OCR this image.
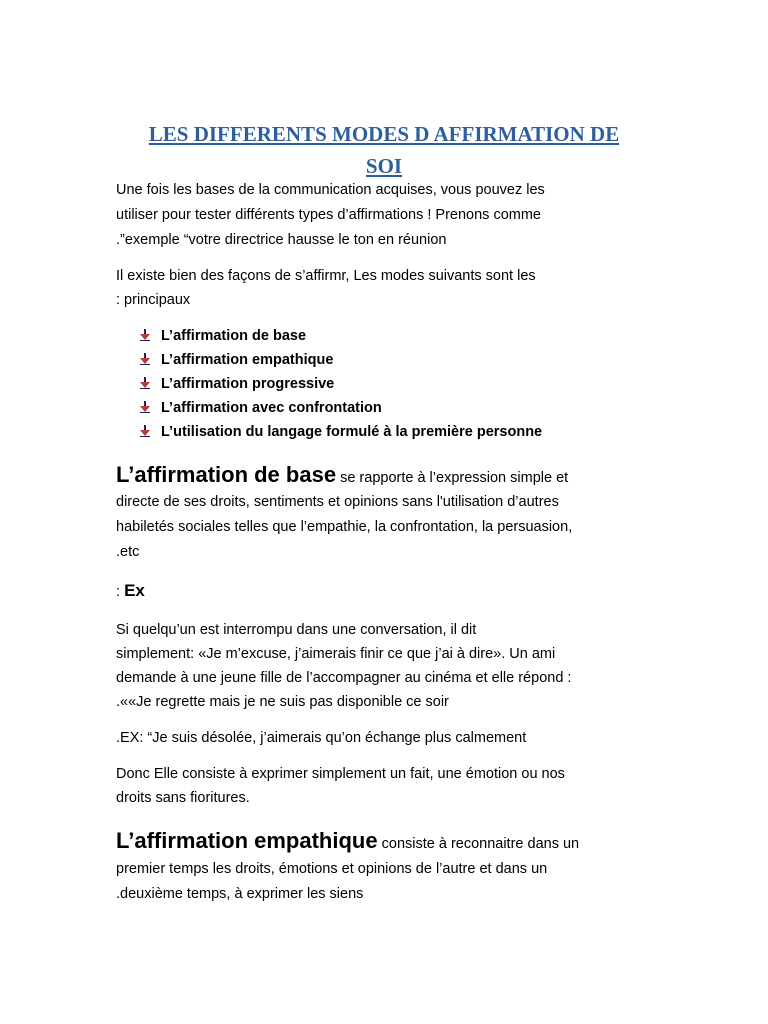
LES DIFFERENTS MODES D AFFIRMATION DE
SOI
Une fois les bases de la communication acquises, vous pouvez les
utiliser pour tester différents types d’affirmations ! Prenons comme
.”exemple “votre directrice hausse le ton en réunion
Il existe bien des façons de s’affirmr, Les modes suivants sont les
: principaux
L’affirmation de base
L’affirmation empathique
L’affirmation progressive
L’affirmation avec confrontation
L’utilisation du langage formulé à la première personne
L’affirmation de base se rapporte à l’expression simple et
directe de ses droits, sentiments et opinions sans l'utilisation d’autres
habiletés sociales telles que l’empathie, la confrontation, la persuasion,
.etc
: Ex
Si quelqu’un est interrompu dans une conversation, il dit
simplement: «Je m’excuse, j’aimerais finir ce que j’ai à dire». Un ami
demande à une jeune fille de l’accompagner au cinéma et elle répond :
.««Je regrette mais je ne suis pas disponible ce soir
.EX: “Je suis désolée, j’aimerais qu’on échange plus calmement
Donc Elle consiste à exprimer simplement un fait, une émotion ou nos
droits sans fioritures.
L’affirmation empathique consiste à reconnaitre dans un
premier temps les droits, émotions et opinions de l’autre et dans un
.deuxième temps, à exprimer les siens
